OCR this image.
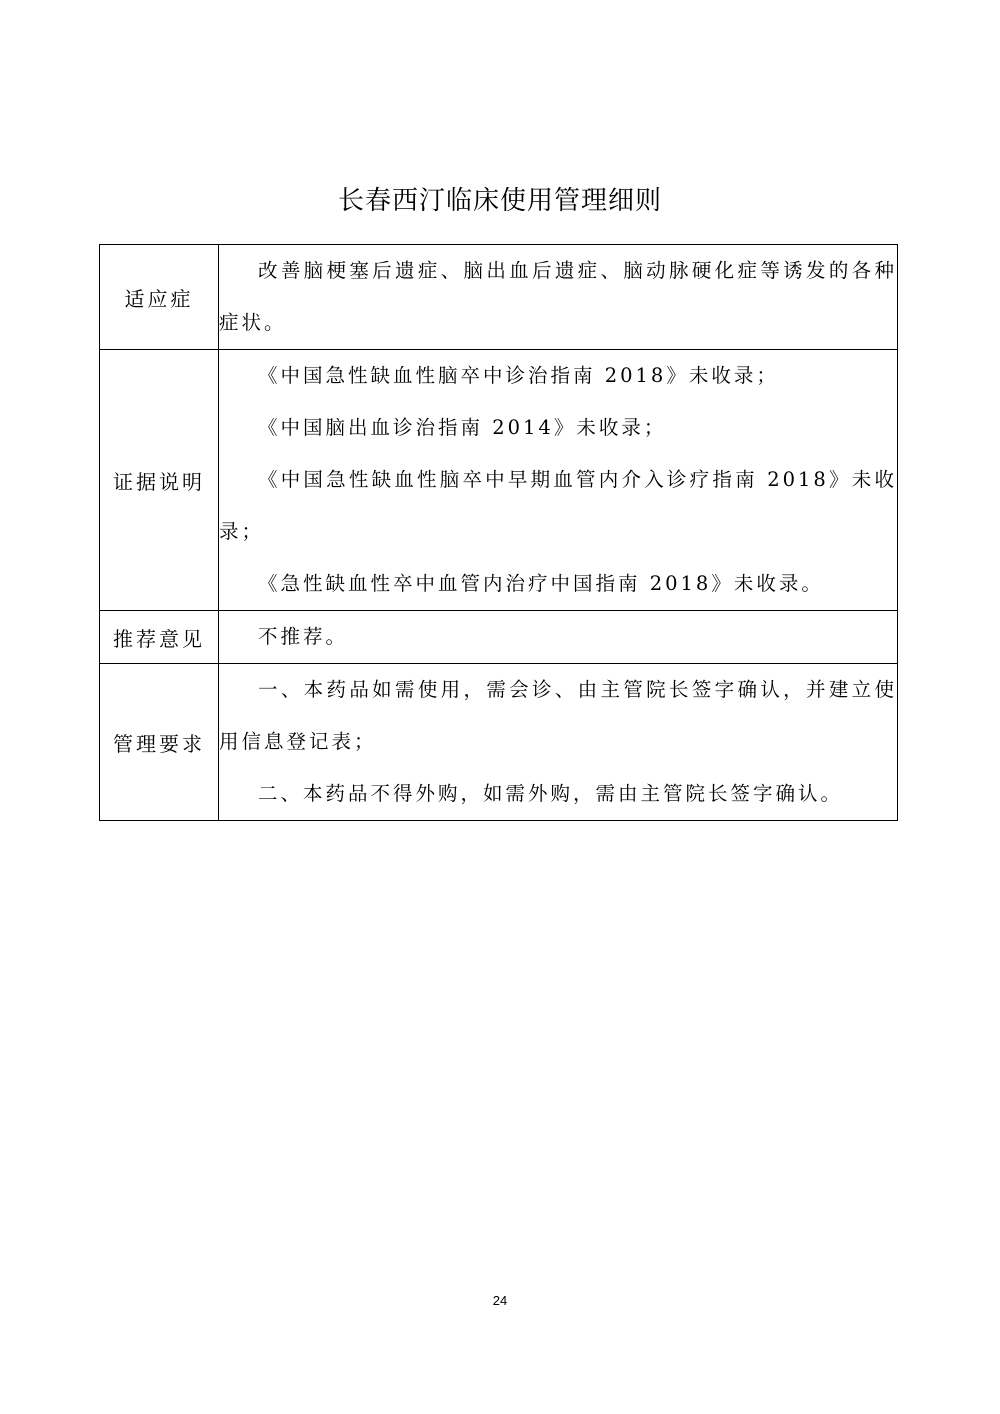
长春西汀临床使用管理细则
适应症	改善脑梗塞后遗症、脑出血后遗症、脑动脉硬化症等诱发的各种症状。

证据说明	《中国急性缺血性脑卒中诊治指南 2018》未收录；

《中国脑出血诊治指南 2014》未收录；

《中国急性缺血性脑卒中早期血管内介入诊疗指南 2018》未收录；

《急性缺血性卒中血管内治疗中国指南 2018》未收录。

推荐意见	不推荐。

管理要求	一、本药品如需使用，需会诊、由主管院长签字确认，并建立使用信息登记表；

二、本药品不得外购，如需外购，需由主管院长签字确认。

24
